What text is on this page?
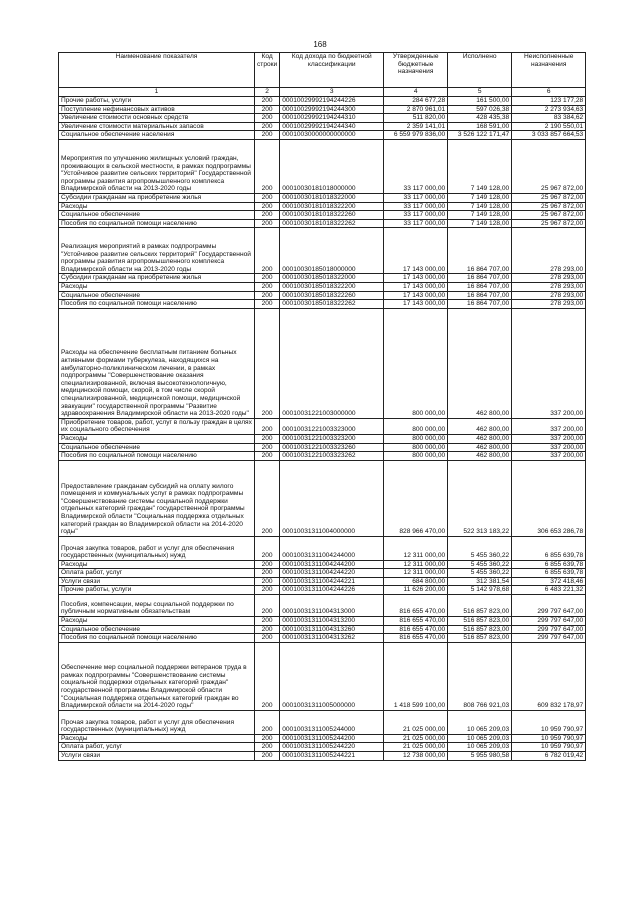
168
Наименование показателя	Код строки	Код дохода по бюджетной классификации	Утвержденные бюджетные назначения	Исполнено	Неисполненные назначения
1	2	3	4	5	6
Прочие работы, услуги	200	00010029992194244226	284 677,28	161 500,00	123 177,28
Поступление нефинансовых активов	200	00010029992194244300	2 870 961,01	597 026,38	2 273 934,63
Увеличение стоимости основных средств	200	00010029992194244310	511 820,00	428 435,38	83 384,62
Увеличение стоимости материальных запасов	200	00010029992194244340	2 359 141,01	168 591,00	2 190 550,01
Социальное обеспечение населения	200	00010030000000000000	6 559 979 836,00	3 526 122 171,47	3 033 857 664,53
Мероприятия по улучшению жилищных условий граждан, проживающих в сельской местности, в рамках подпрограммы "Устойчивое развитие сельских территорий" Государственной программы развития агропромышленного комплекса Владимирской области на 2013-2020 годы	200	00010030181018000000	33 117 000,00	7 149 128,00	25 967 872,00
Субсидии гражданам на приобретение жилья	200	00010030181018322000	33 117 000,00	7 149 128,00	25 967 872,00
Расходы	200	00010030181018322200	33 117 000,00	7 149 128,00	25 967 872,00
Социальное обеспечение	200	00010030181018322260	33 117 000,00	7 149 128,00	25 967 872,00
Пособия по социальной помощи населению	200	00010030181018322262	33 117 000,00	7 149 128,00	25 967 872,00
Реализация мероприятий в рамках подпрограммы "Устойчивое развитие сельских территорий" Государственной программы развития агропромышленного комплекса Владимирской области на 2013-2020 годы	200	00010030185018000000	17 143 000,00	16 864 707,00	278 293,00
Субсидии гражданам на приобретение жилья	200	00010030185018322000	17 143 000,00	16 864 707,00	278 293,00
Расходы	200	00010030185018322200	17 143 000,00	16 864 707,00	278 293,00
Социальное обеспечение	200	00010030185018322260	17 143 000,00	16 864 707,00	278 293,00
Пособия по социальной помощи населению	200	00010030185018322262	17 143 000,00	16 864 707,00	278 293,00
Расходы на обеспечение бесплатным питанием больных активными формами туберкулеза, находящихся на амбулаторно-поликлиническом лечении, в рамках подпрограммы "Совершенствование оказания специализированной, включая высокотехнологичную, медицинской помощи, скорой, в том числе скорой специализированной, медицинской помощи, медицинской эвакуации" государственной программы "Развитие здравоохранения Владимирской области на 2013-2020 годы"	200	00010031221003000000	800 000,00	462 800,00	337 200,00
Приобретение товаров, работ, услуг в пользу граждан в целях их социального обеспечения	200	00010031221003323000	800 000,00	462 800,00	337 200,00
Расходы	200	00010031221003323200	800 000,00	462 800,00	337 200,00
Социальное обеспечение	200	00010031221003323260	800 000,00	462 800,00	337 200,00
Пособия по социальной помощи населению	200	00010031221003323262	800 000,00	462 800,00	337 200,00
Предоставление гражданам субсидий на оплату жилого помещения и коммунальных услуг в рамках подпрограммы "Совершенствование системы социальной поддержки отдельных категорий граждан" государственной программы Владимирской области "Социальная поддержка отдельных категорий граждан во Владимирской области на 2014-2020 годы"	200	00010031311004000000	828 966 470,00	522 313 183,22	306 653 286,78
Прочая закупка товаров, работ и услуг для обеспечения государственных (муниципальных) нужд	200	00010031311004244000	12 311 000,00	5 455 360,22	6 855 639,78
Расходы	200	00010031311004244200	12 311 000,00	5 455 360,22	6 855 639,78
Оплата работ, услуг	200	00010031311004244220	12 311 000,00	5 455 360,22	6 855 639,78
Услуги связи	200	00010031311004244221	684 800,00	312 381,54	372 418,46
Прочие работы, услуги	200	00010031311004244226	11 626 200,00	5 142 978,68	6 483 221,32
Пособия, компенсации, меры социальной поддержки по публичным нормативным обязательствам	200	00010031311004313000	816 655 470,00	516 857 823,00	299 797 647,00
Расходы	200	00010031311004313200	816 655 470,00	516 857 823,00	299 797 647,00
Социальное обеспечение	200	00010031311004313260	816 655 470,00	516 857 823,00	299 797 647,00
Пособия по социальной помощи населению	200	00010031311004313262	816 655 470,00	516 857 823,00	299 797 647,00
Обеспечение мер социальной поддержки ветеранов труда в рамках подпрограммы "Совершенствование системы социальной поддержки отдельных категорий граждан" государственной программы Владимирской области "Социальная поддержка отдельных категорий граждан во Владимирской области на 2014-2020 годы"	200	00010031311005000000	1 418 599 100,00	808 766 921,03	609 832 178,97
Прочая закупка товаров, работ и услуг для обеспечения государственных (муниципальных) нужд	200	00010031311005244000	21 025 000,00	10 065 209,03	10 959 790,97
Расходы	200	00010031311005244200	21 025 000,00	10 065 209,03	10 959 790,97
Оплата работ, услуг	200	00010031311005244220	21 025 000,00	10 065 209,03	10 959 790,97
Услуги связи	200	00010031311005244221	12 738 000,00	5 955 980,58	6 782 019,42
